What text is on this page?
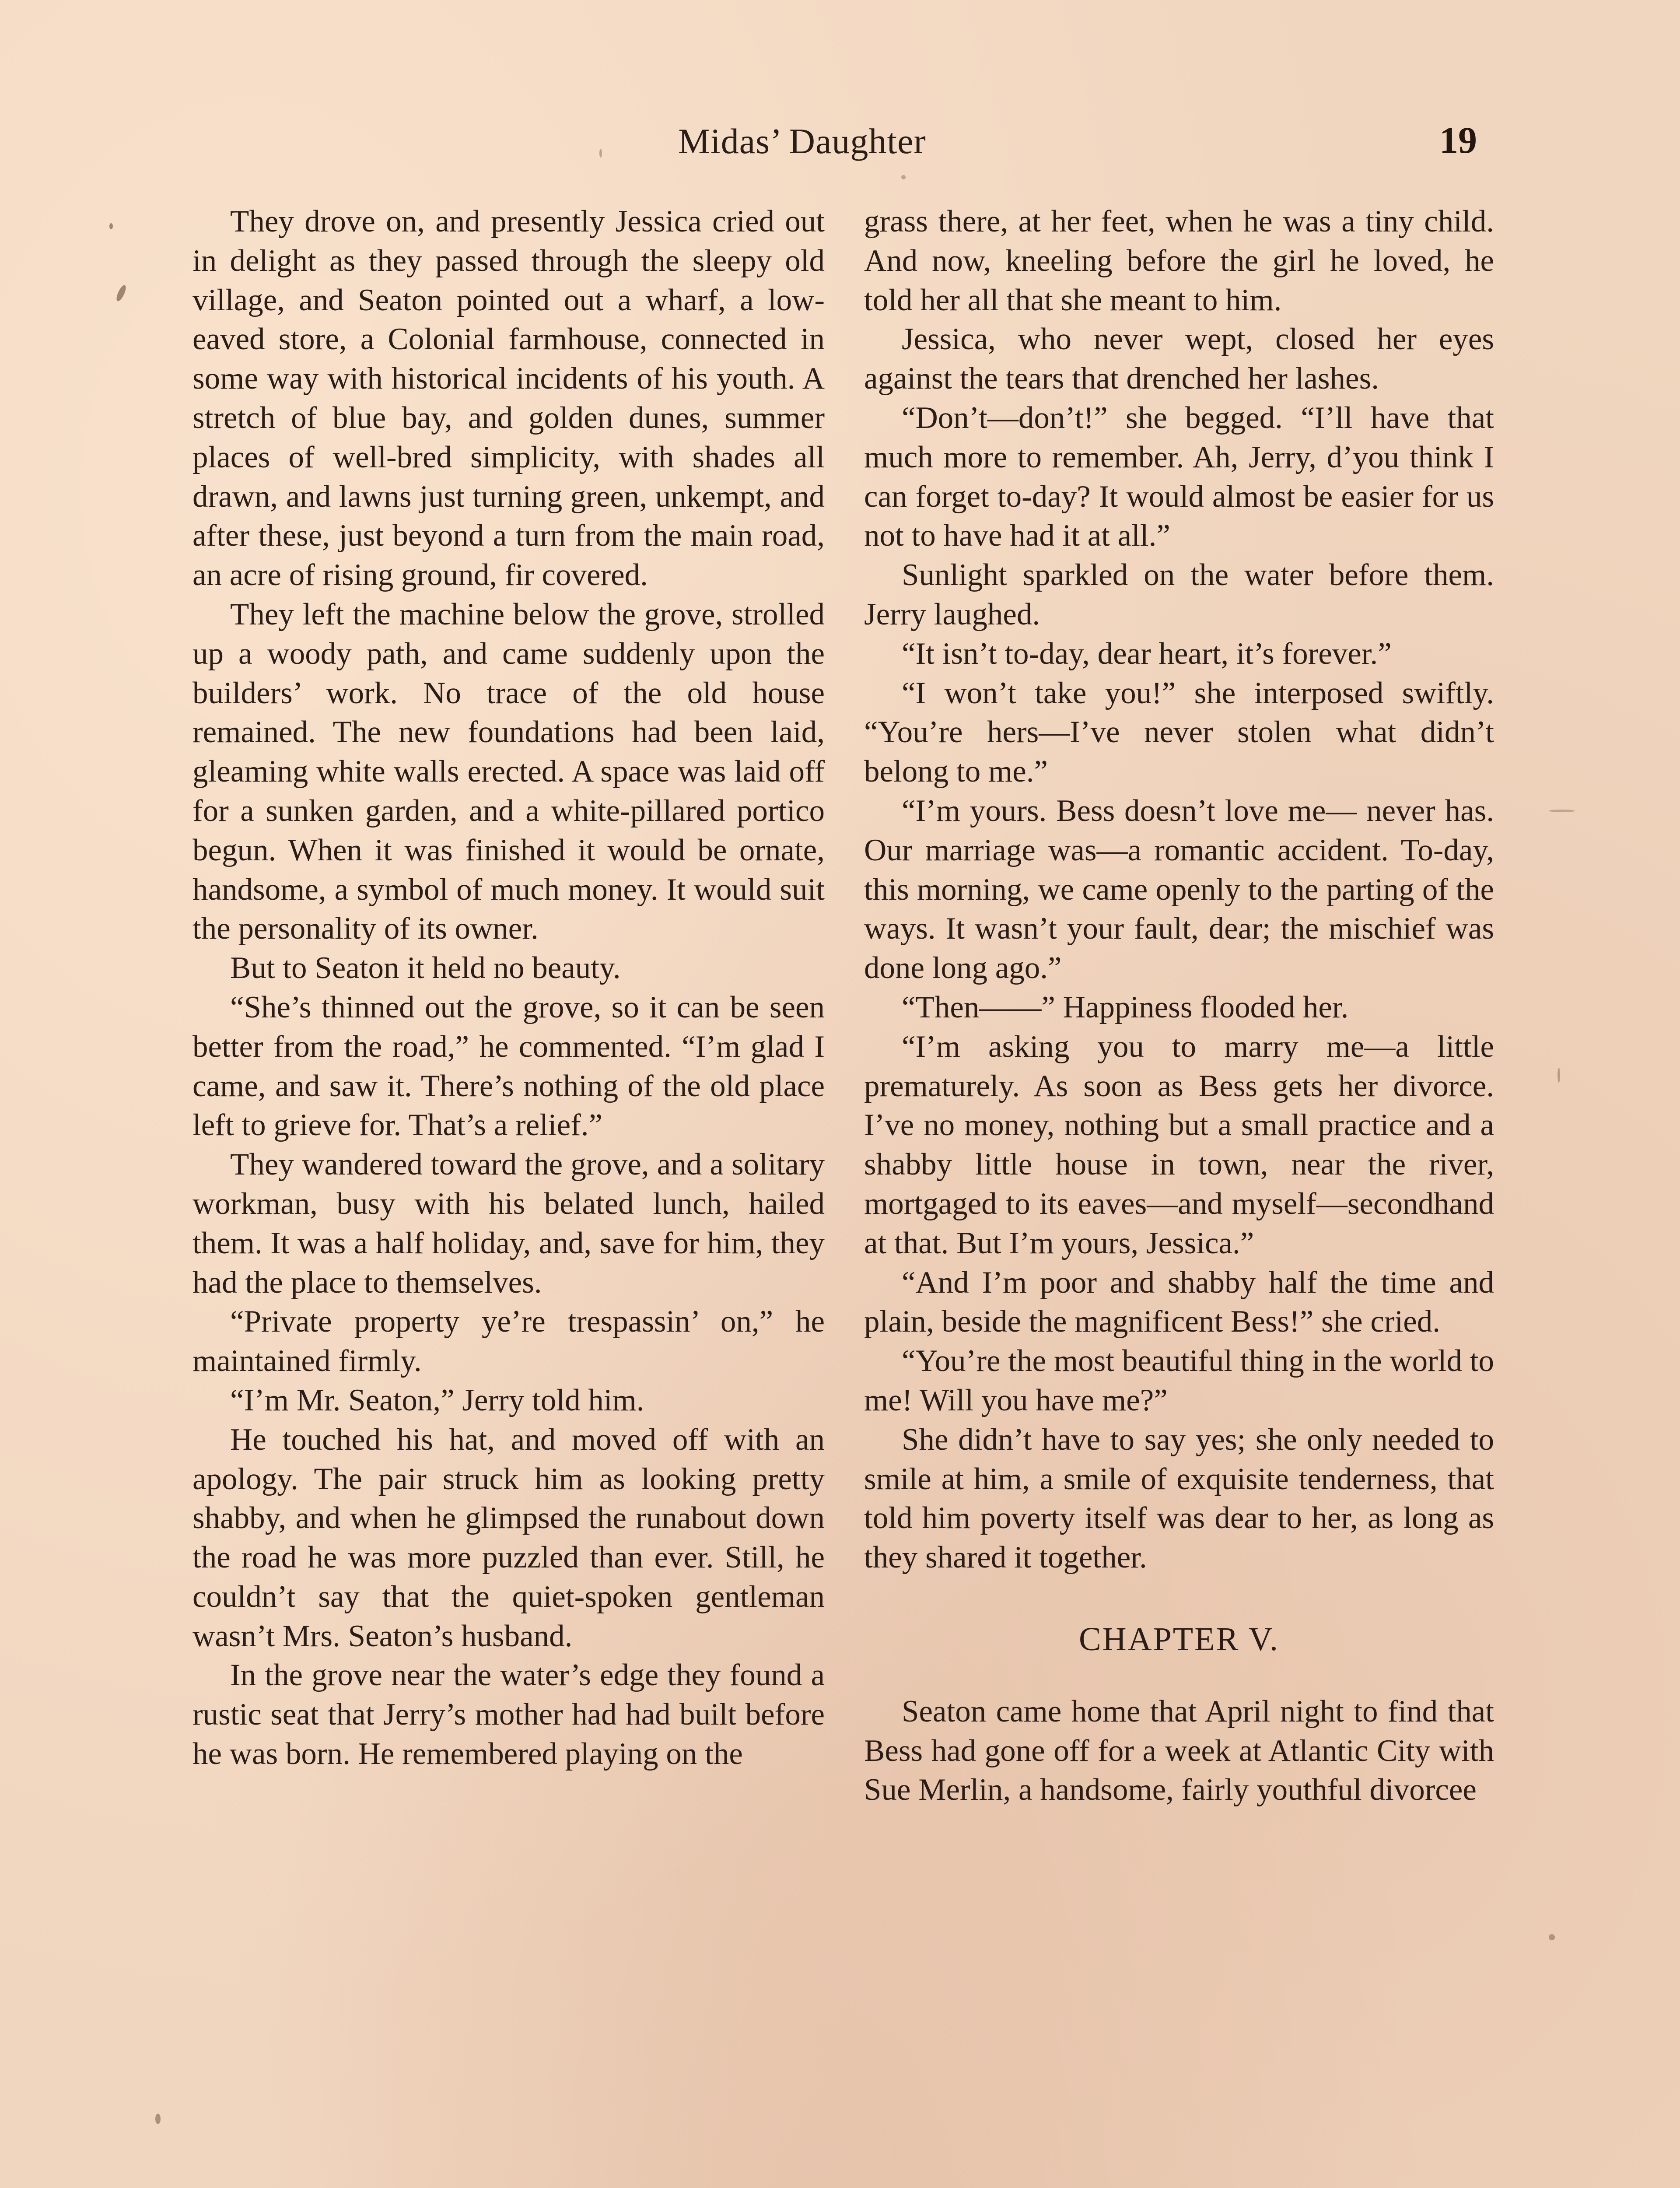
Midas’ Daughter	19

They drove on, and presently Jessica cried out in delight as they passed through the sleepy old village, and Seaton pointed out a wharf, a low-eaved store, a Colonial farmhouse, connected in some way with historical incidents of his youth. A stretch of blue bay, and golden dunes, summer places of well-bred simplicity, with shades all drawn, and lawns just turning green, unkempt, and after these, just beyond a turn from the main road, an acre of rising ground, fir covered.

They left the machine below the grove, strolled up a woody path, and came suddenly upon the builders’ work. No trace of the old house remained. The new foundations had been laid, gleaming white walls erected. A space was laid off for a sunken garden, and a white-pillared portico begun. When it was finished it would be ornate, handsome, a symbol of much money. It would suit the personality of its owner.

But to Seaton it held no beauty.

“She’s thinned out the grove, so it can be seen better from the road,” he commented. “I’m glad I came, and saw it. There’s nothing of the old place left to grieve for. That’s a relief.”

They wandered toward the grove, and a solitary workman, busy with his belated lunch, hailed them. It was a half holiday, and, save for him, they had the place to themselves.

“Private property ye’re trespassin’ on,” he maintained firmly.

“I’m Mr. Seaton,” Jerry told him.

He touched his hat, and moved off with an apology. The pair struck him as looking pretty shabby, and when he glimpsed the runabout down the road he was more puzzled than ever. Still, he couldn’t say that the quiet-spoken gentleman wasn’t Mrs. Seaton’s husband.

In the grove near the water’s edge they found a rustic seat that Jerry’s mother had had built before he was born. He remembered playing on the

grass there, at her feet, when he was a tiny child. And now, kneeling before the girl he loved, he told her all that she meant to him.

Jessica, who never wept, closed her eyes against the tears that drenched her lashes.

“Don’t—don’t!” she begged. “I’ll have that much more to remember. Ah, Jerry, d’you think I can forget to-day? It would almost be easier for us not to have had it at all.”

Sunlight sparkled on the water before them. Jerry laughed.

“It isn’t to-day, dear heart, it’s forever.”

“I won’t take you!” she interposed swiftly. “You’re hers—I’ve never stolen what didn’t belong to me.”

“I’m yours. Bess doesn’t love me— never has. Our marriage was—a romantic accident. To-day, this morning, we came openly to the parting of the ways. It wasn’t your fault, dear; the mischief was done long ago.”

“Then——” Happiness flooded her.

“I’m asking you to marry me—a little prematurely. As soon as Bess gets her divorce. I’ve no money, nothing but a small practice and a shabby little house in town, near the river, mortgaged to its eaves—and myself—secondhand at that. But I’m yours, Jessica.”

“And I’m poor and shabby half the time and plain, beside the magnificent Bess!” she cried.

“You’re the most beautiful thing in the world to me! Will you have me?”

She didn’t have to say yes; she only needed to smile at him, a smile of exquisite tenderness, that told him poverty itself was dear to her, as long as they shared it together.

CHAPTER V.

Seaton came home that April night to find that Bess had gone off for a week at Atlantic City with Sue Merlin, a handsome, fairly youthful divorcee
